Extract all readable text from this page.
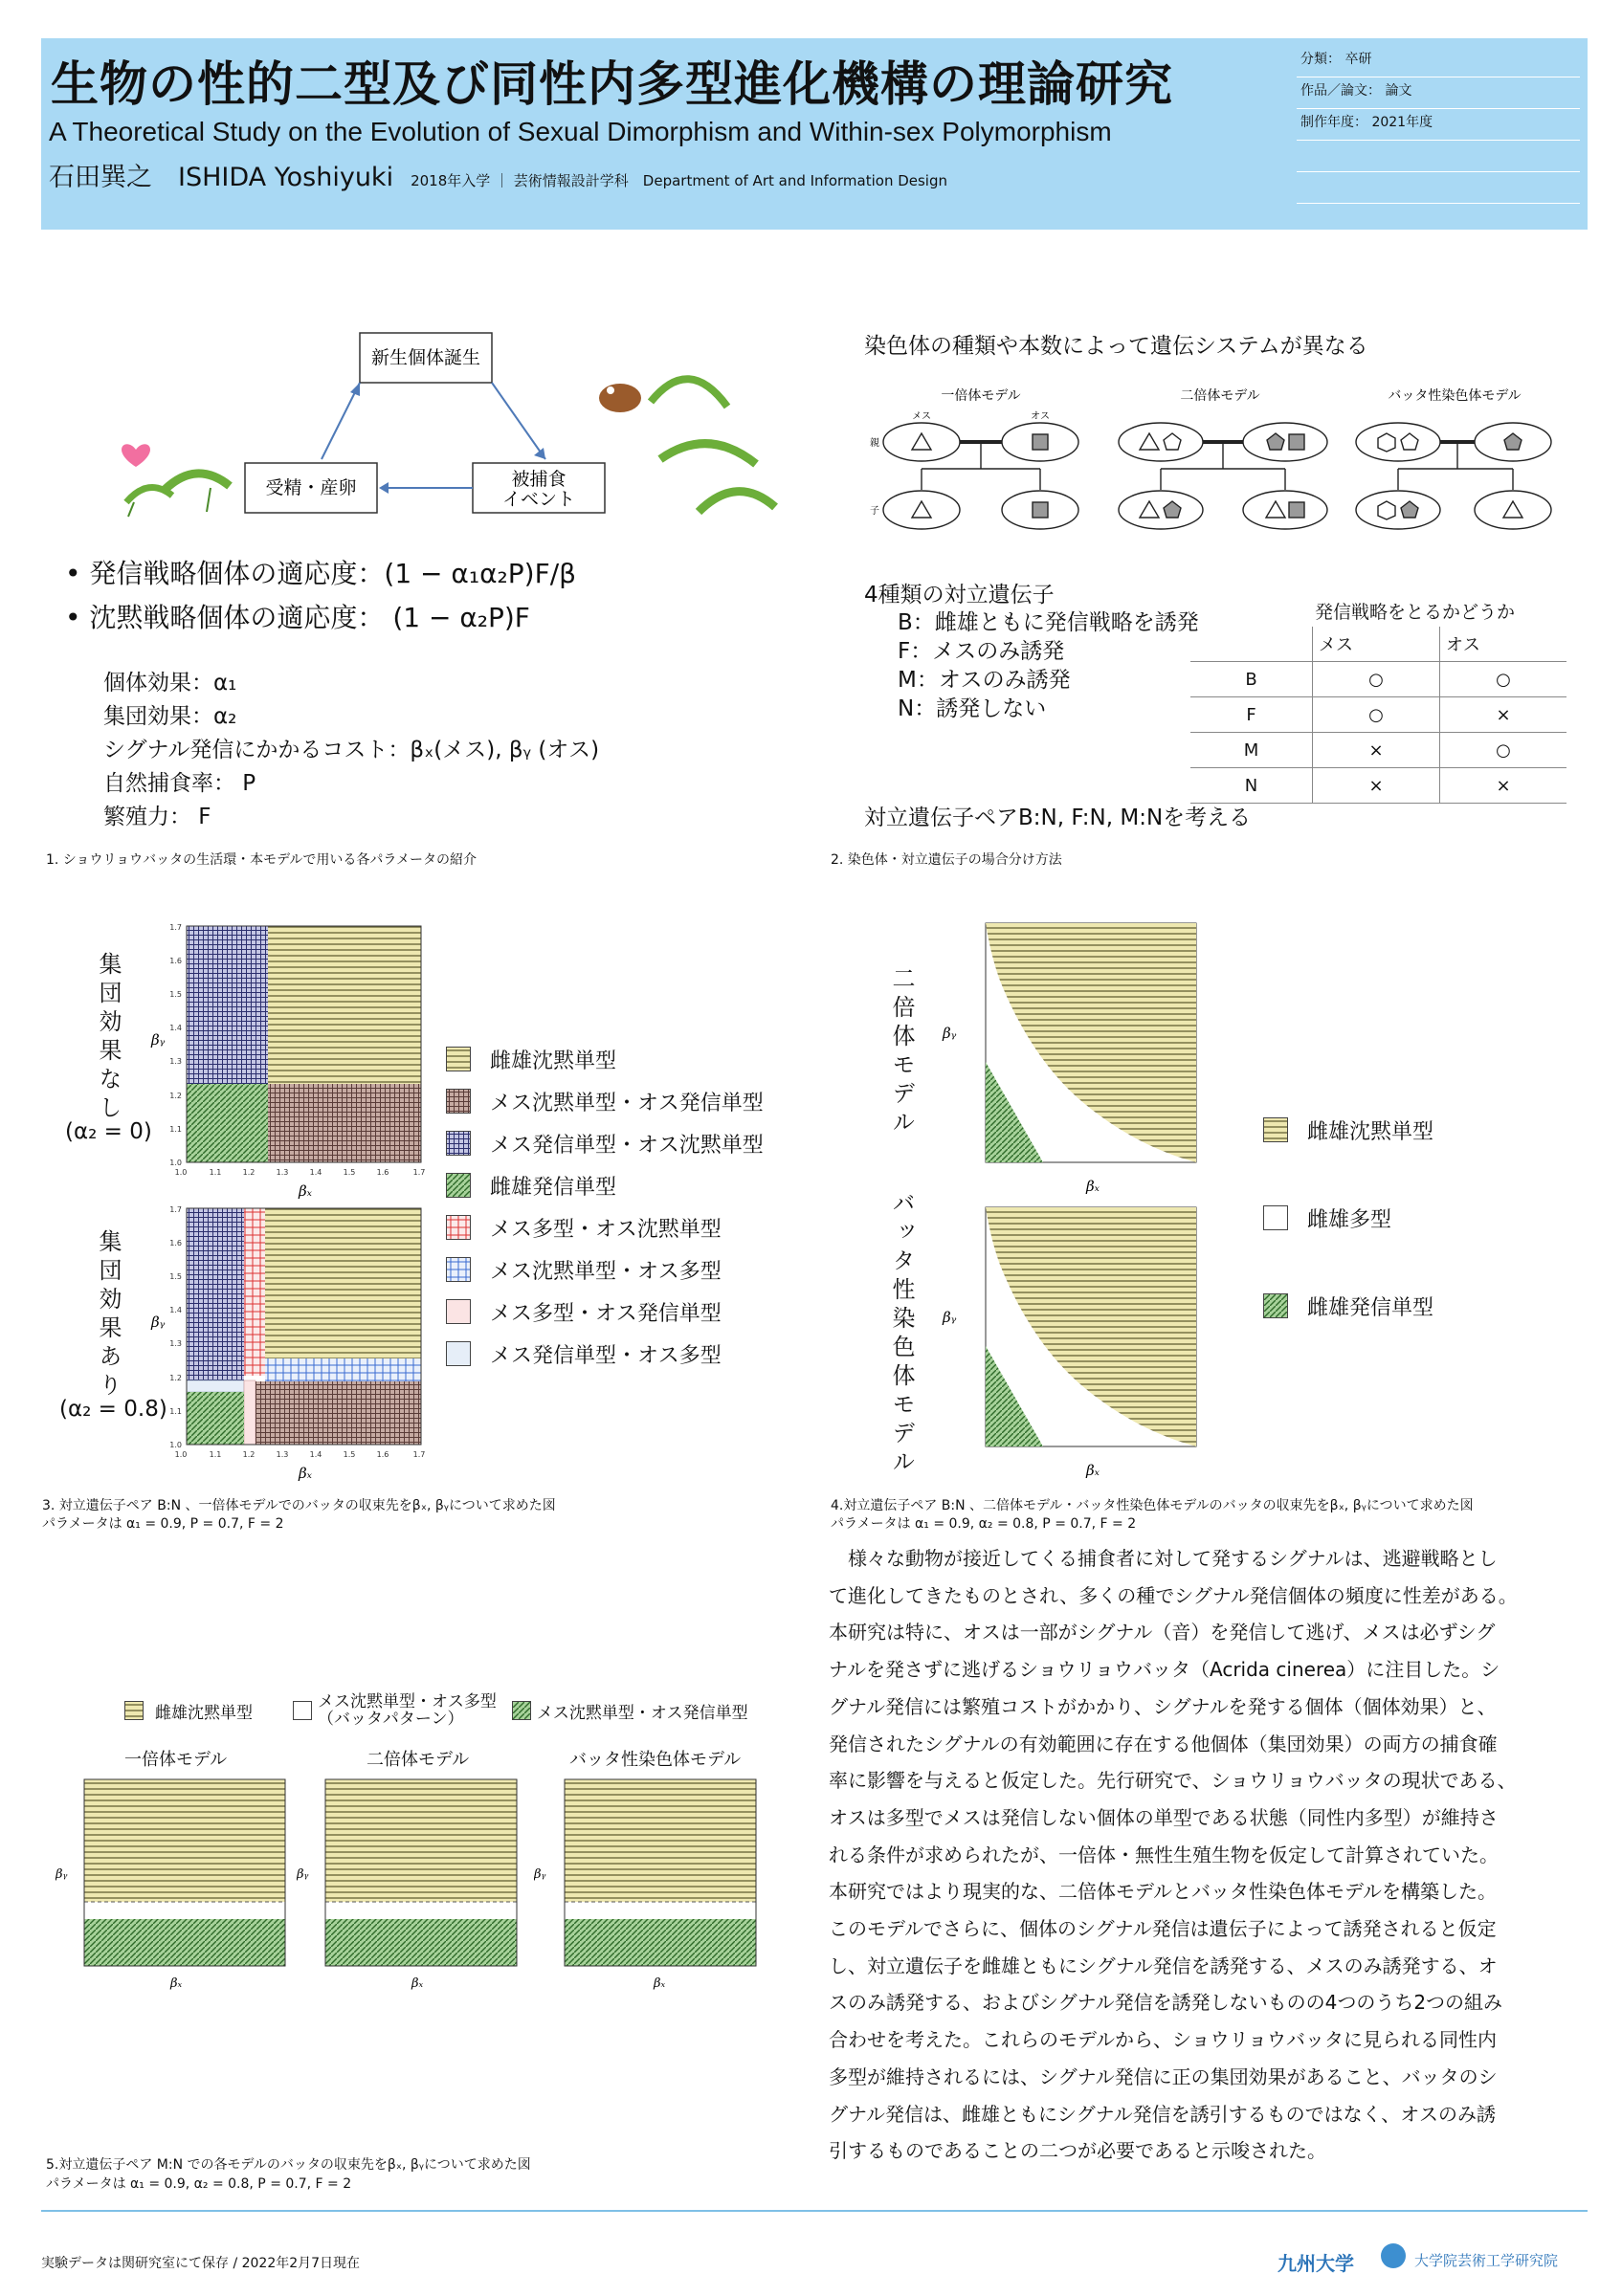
生物の性的二型及び同性内多型進化機構の理論研究
A Theoretical Study on the Evolution of Sexual Dimorphism and Within-sex Polymorphism
石田巽之　ISHIDA Yoshiyuki 2018年入学 ｜ 芸術情報設計学科　Department of Art and Information Design
分類： 卒研
作品／論文： 論文
制作年度： 2021年度
新生個体誕生
受精・産卵	被捕食
イベント
• 発信戦略個体の適応度：(1 − α₁α₂P)F/β
• 沈黙戦略個体の適応度： (1 − α₂P)F
個体効果：α₁
集団効果：α₂
シグナル発信にかかるコスト：βₓ(メス), βᵧ (オス)
自然捕食率： P
繁殖力： F
1. ショウリョウバッタの生活環・本モデルで用いる各パラメータの紹介
染色体の種類や本数によって遺伝システムが異なる
一倍体モデル	二倍体モデル	バッタ性染色体モデル
メス	オス
親
子
4種類の対立遺伝子
B：雌雄ともに発信戦略を誘発
F：メスのみ誘発
M：オスのみ誘発
N：誘発しない
発信戦略をとるかどうか
	メス	オス
B	○	○
F	○	×
M	×	○
N	×	×
対立遺伝子ペアB:N, F:N, M:Nを考える
2. 染色体・対立遺伝子の場合分け方法
集団効果なし
(α₂ = 0)
集団効果あり
(α₂ = 0.8)
βᵧ
βₓ
1.0	1.1	1.2	1.3	1.4	1.5	1.6	1.7
1.0
1.1
1.2
1.3
1.4
1.5
1.6
1.7
βᵧ
βₓ
1.0	1.1	1.2	1.3	1.4	1.5	1.6	1.7
1.0
1.1
1.2
1.3
1.4
1.5
1.6
1.7
雌雄沈黙単型
メス沈黙単型・オス発信単型
メス発信単型・オス沈黙単型
雌雄発信単型
メス多型・オス沈黙単型
メス沈黙単型・オス多型
メス多型・オス発信単型
メス発信単型・オス多型
3. 対立遺伝子ペア B:N 、一倍体モデルでのバッタの収束先をβₓ, βᵧについて求めた図
パラメータは α₁ = 0.9, P = 0.7, F = 2
二倍体モデル
バッタ性染色体モデル
βᵧ
βₓ
βᵧ
βₓ
雌雄沈黙単型
雌雄多型
雌雄発信単型
4.対立遺伝子ペア B:N 、二倍体モデル・バッタ性染色体モデルのバッタの収束先をβₓ, βᵧについて求めた図
パラメータは α₁ = 0.9, α₂ = 0.8, P = 0.7, F = 2
雌雄沈黙単型
メス沈黙単型・オス多型
（バッタパターン）	メス沈黙単型・オス発信単型
一倍体モデル	二倍体モデル	バッタ性染色体モデル
βᵧ
βₓ
βᵧ
βₓ
βᵧ
βₓ
5.対立遺伝子ペア M:N での各モデルのバッタの収束先をβₓ, βᵧについて求めた図
パラメータは α₁ = 0.9, α₂ = 0.8, P = 0.7, F = 2
　様々な動物が接近してくる捕食者に対して発するシグナルは、逃避戦略とし
て進化してきたものとされ、多くの種でシグナル発信個体の頻度に性差がある。
本研究は特に、オスは一部がシグナル（音）を発信して逃げ、メスは必ずシグ
ナルを発さずに逃げるショウリョウバッタ（Acrida cinerea）に注目した。シ
グナル発信には繁殖コストがかかり、シグナルを発する個体（個体効果）と、
発信されたシグナルの有効範囲に存在する他個体（集団効果）の両方の捕食確
率に影響を与えると仮定した。先行研究で、ショウリョウバッタの現状である、
オスは多型でメスは発信しない個体の単型である状態（同性内多型）が維持さ
れる条件が求められたが、一倍体・無性生殖生物を仮定して計算されていた。
本研究ではより現実的な、二倍体モデルとバッタ性染色体モデルを構築した。
このモデルでさらに、個体のシグナル発信は遺伝子によって誘発されると仮定
し、対立遺伝子を雌雄ともにシグナル発信を誘発する、メスのみ誘発する、オ
スのみ誘発する、およびシグナル発信を誘発しないものの4つのうち2つの組み
合わせを考えた。これらのモデルから、ショウリョウバッタに見られる同性内
多型が維持されるには、シグナル発信に正の集団効果があること、バッタのシ
グナル発信は、雌雄ともにシグナル発信を誘引するものではなく、オスのみ誘
引するものであることの二つが必要であると示唆された。
実験データは関研究室にて保存 / 2022年2月7日現在	九州大学	大学院芸術工学研究院
